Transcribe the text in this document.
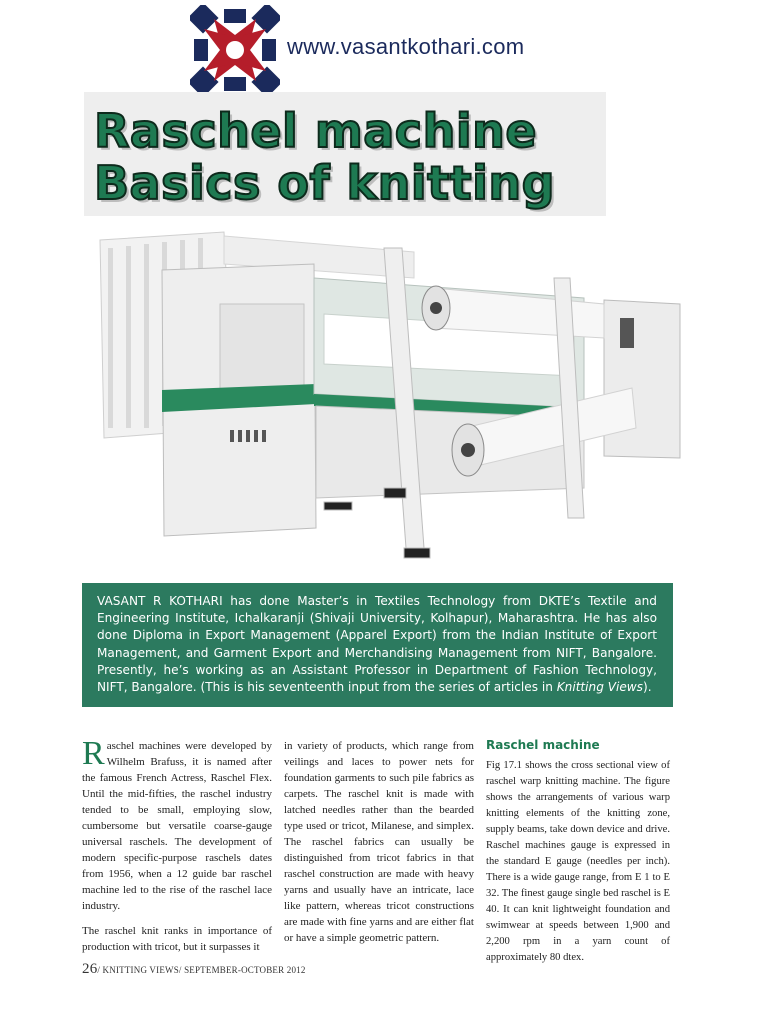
www.vasantkothari.com
Raschel machine
Basics of knitting
VASANT R KOTHARI has done Master’s in Textiles Technology from DKTE’s Textile and Engineering Institute, Ichalkaranji (Shivaji University, Kolhapur), Maharashtra. He has also done Diploma in Export Management (Apparel Export) from the Indian Institute of Export Management, and Garment Export and Merchandising Management from NIFT, Bangalore. Presently, he’s working as an Assistant Professor in Department of Fashion Technology, NIFT, Bangalore. (This is his seventeenth input from the series of articles in Knitting Views).

Raschel machines were developed by Wilhelm Brafuss, it is named after the famous French Actress, Raschel Flex. Until the mid-fifties, the raschel industry tended to be small, employing slow, cumbersome but versatile coarse-gauge universal raschels. The development of modern specific-purpose raschels dates from 1956, when a 12 guide bar raschel machine led to the rise of the raschel lace industry.

The raschel knit ranks in importance of production with tricot, but it surpasses it

in variety of products, which range from veilings and laces to power nets for foundation garments to such pile fabrics as carpets. The raschel knit is made with latched needles rather than the bearded type used or tricot, Milanese, and simplex. The raschel fabrics can usually be distinguished from tricot fabrics in that raschel construction are made with heavy yarns and usually have an intricate, lace like pattern, whereas tricot constructions are made with fine yarns and are either flat or have a simple geometric pattern.

Raschel machine

Fig 17.1 shows the cross sectional view of raschel warp knitting machine. The figure shows the arrangements of various warp knitting elements of the knitting zone, supply beams, take down device and drive. Raschel machines gauge is expressed in the standard E gauge (needles per inch). There is a wide gauge range, from E 1 to E 32. The finest gauge single bed raschel is E 40. It can knit lightweight foundation and swimwear at speeds between 1,900 and 2,200 rpm in a yarn count of approximately 80 dtex.

26/ KNITTING VIEWS/ SEPTEMBER-OCTOBER 2012
